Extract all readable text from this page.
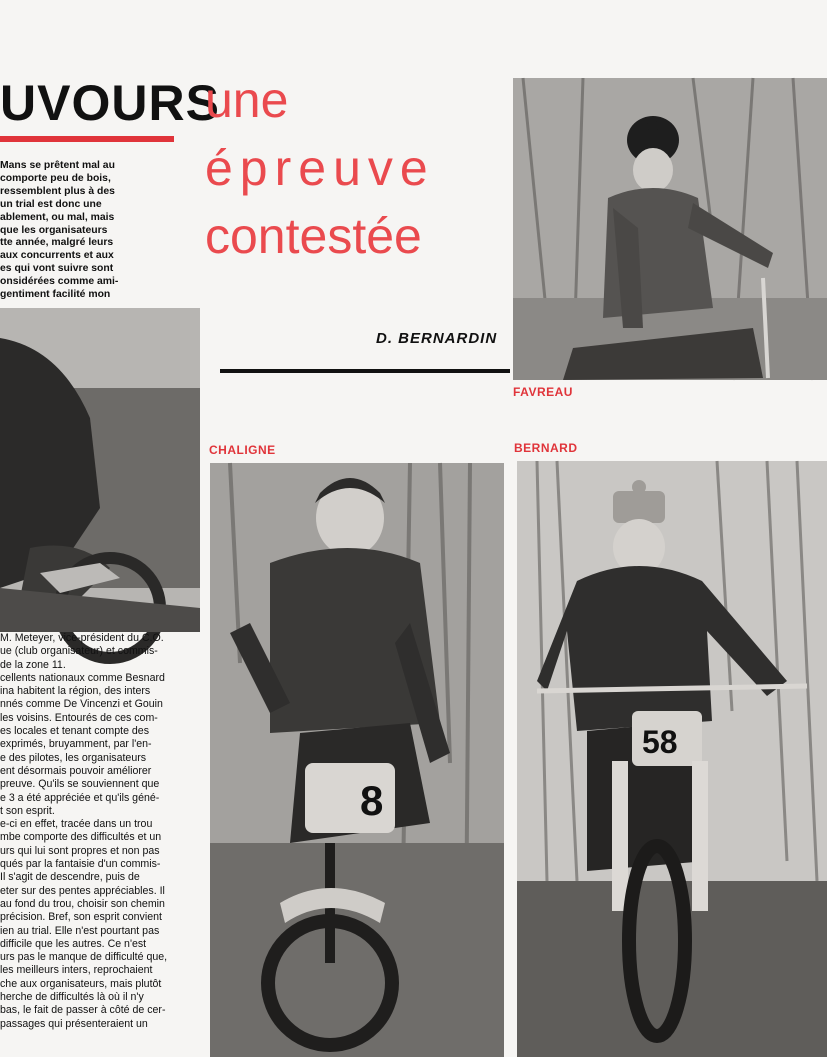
UVOURS
une
épreuve
contestée
Mans se prêtent mal au
comporte peu de bois,
ressemblent plus à des
un trial est donc une
ablement, ou mal, mais
que les organisateurs
tte année, malgré leurs
aux concurrents et aux
es qui vont suivre sont
onsidérées comme ami-
gentiment facilité mon
D. BERNARDIN
FAVREAU
CHALIGNE
8
BERNARD
58
M. Meteyer, vice-président du C.O.
ue (club organisateur) et commis-
de la zone 11.
cellents nationaux comme Besnard
ina habitent la région, des inters
nnés comme De Vincenzi et Gouin
les voisins. Entourés de ces com-
es locales et tenant compte des
exprimés, bruyamment, par l'en-
e des pilotes, les organisateurs
ent désormais pouvoir améliorer
preuve. Qu'ils se souviennent que
e 3 a été appréciée et qu'ils géné-
t son esprit.
e-ci en effet, tracée dans un trou
mbe comporte des difficultés et un
urs qui lui sont propres et non pas
qués par la fantaisie d'un commis-
Il s'agit de descendre, puis de
eter sur des pentes appréciables. Il
au fond du trou, choisir son chemin
précision. Bref, son esprit convient
ien au trial. Elle n'est pourtant pas
difficile que les autres. Ce n'est
urs pas le manque de difficulté que,
les meilleurs inters, reprochaient
che aux organisateurs, mais plutôt
herche de difficultés là où il n'y
bas, le fait de passer à côté de cer-
passages qui présenteraient un
